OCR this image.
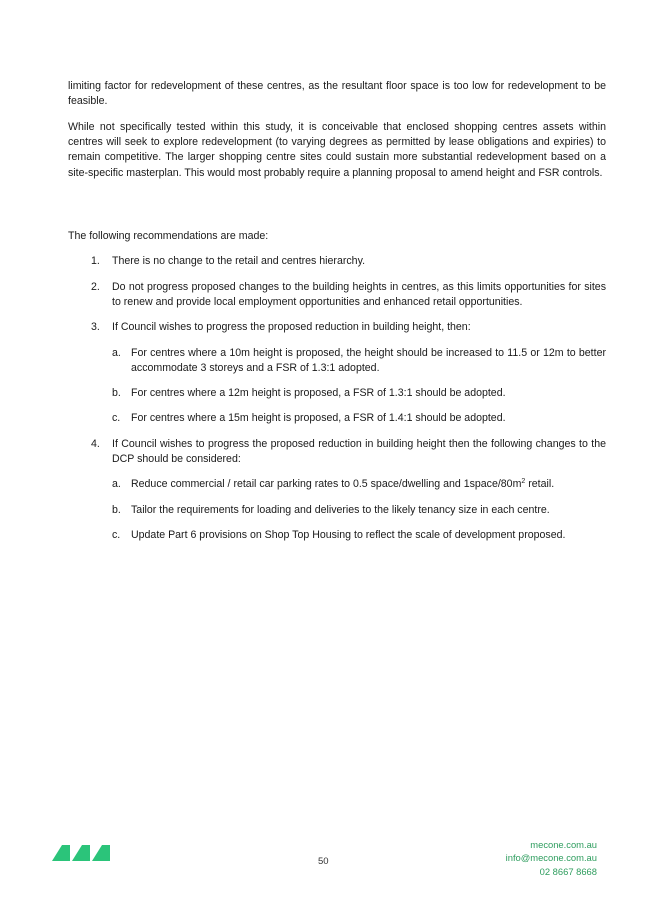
limiting factor for redevelopment of these centres, as the resultant floor space is too low for redevelopment to be feasible.

While not specifically tested within this study, it is conceivable that enclosed shopping centres assets within centres will seek to explore redevelopment (to varying degrees as permitted by lease obligations and expiries) to remain competitive. The larger shopping centre sites could sustain more substantial redevelopment based on a site-specific masterplan. This would most probably require a planning proposal to amend height and FSR controls.

The following recommendations are made:

1. There is no change to the retail and centres hierarchy.
2. Do not progress proposed changes to the building heights in centres, as this limits opportunities for sites to renew and provide local employment opportunities and enhanced retail opportunities.
3. If Council wishes to progress the proposed reduction in building height, then:
a. For centres where a 10m height is proposed, the height should be increased to 11.5 or 12m to better accommodate 3 storeys and a FSR of 1.3:1 adopted.
b. For centres where a 12m height is proposed, a FSR of 1.3:1 should be adopted.
c. For centres where a 15m height is proposed, a FSR of 1.4:1 should be adopted.
4. If Council wishes to progress the proposed reduction in building height then the following changes to the DCP should be considered:
a. Reduce commercial / retail car parking rates to 0.5 space/dwelling and $1space/80m^2$ retail.
b. Tailor the requirements for loading and deliveries to the likely tenancy size in each centre.
c. Update Part 6 provisions on Shop Top Housing to reflect the scale of development proposed.
50
mecone.com.au
info@mecone.com.au
02 8667 8668
